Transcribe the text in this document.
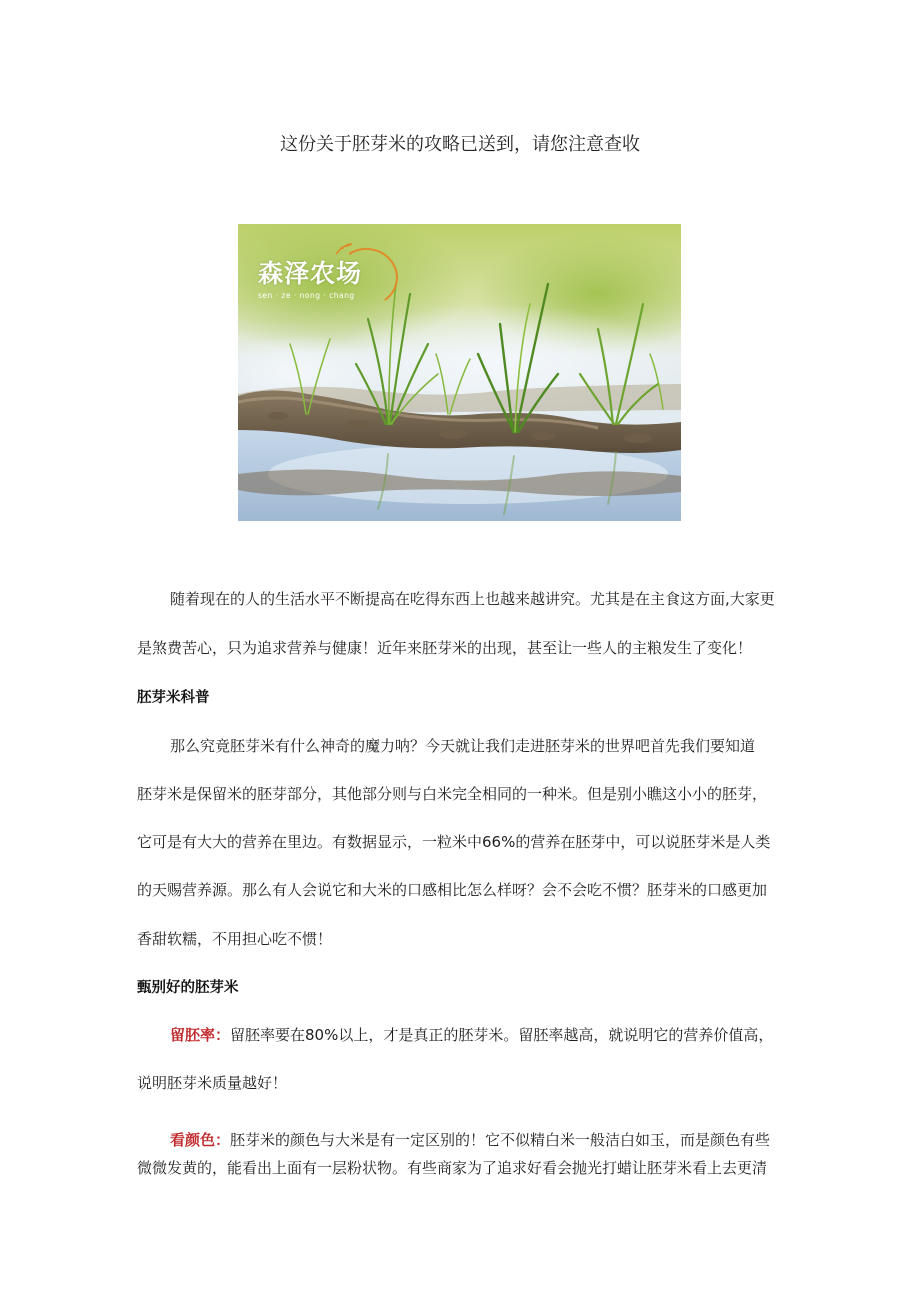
这份关于胚芽米的攻略已送到，请您注意查收
森泽农场
sen · ze · nong · chang
随着现在的人的生活水平不断提高在吃得东西上也越来越讲究。尤其是在主食这方面,大家更
是煞费苦心，只为追求营养与健康！近年来胚芽米的出现，甚至让一些人的主粮发生了变化！
胚芽米科普
那么究竟胚芽米有什么神奇的魔力呐？今天就让我们走进胚芽米的世界吧首先我们要知道
胚芽米是保留米的胚芽部分，其他部分则与白米完全相同的一种米。但是别小瞧这小小的胚芽，
它可是有大大的营养在里边。有数据显示，一粒米中66%的营养在胚芽中，可以说胚芽米是人类
的天赐营养源。那么有人会说它和大米的口感相比怎么样呀？会不会吃不惯？胚芽米的口感更加
香甜软糯，不用担心吃不惯！
甄别好的胚芽米
留胚率：留胚率要在80%以上，才是真正的胚芽米。留胚率越高，就说明它的营养价值高，
说明胚芽米质量越好！
看颜色：胚芽米的颜色与大米是有一定区别的！它不似精白米一般洁白如玉，而是颜色有些
微微发黄的，能看出上面有一层粉状物。有些商家为了追求好看会抛光打蜡让胚芽米看上去更清
